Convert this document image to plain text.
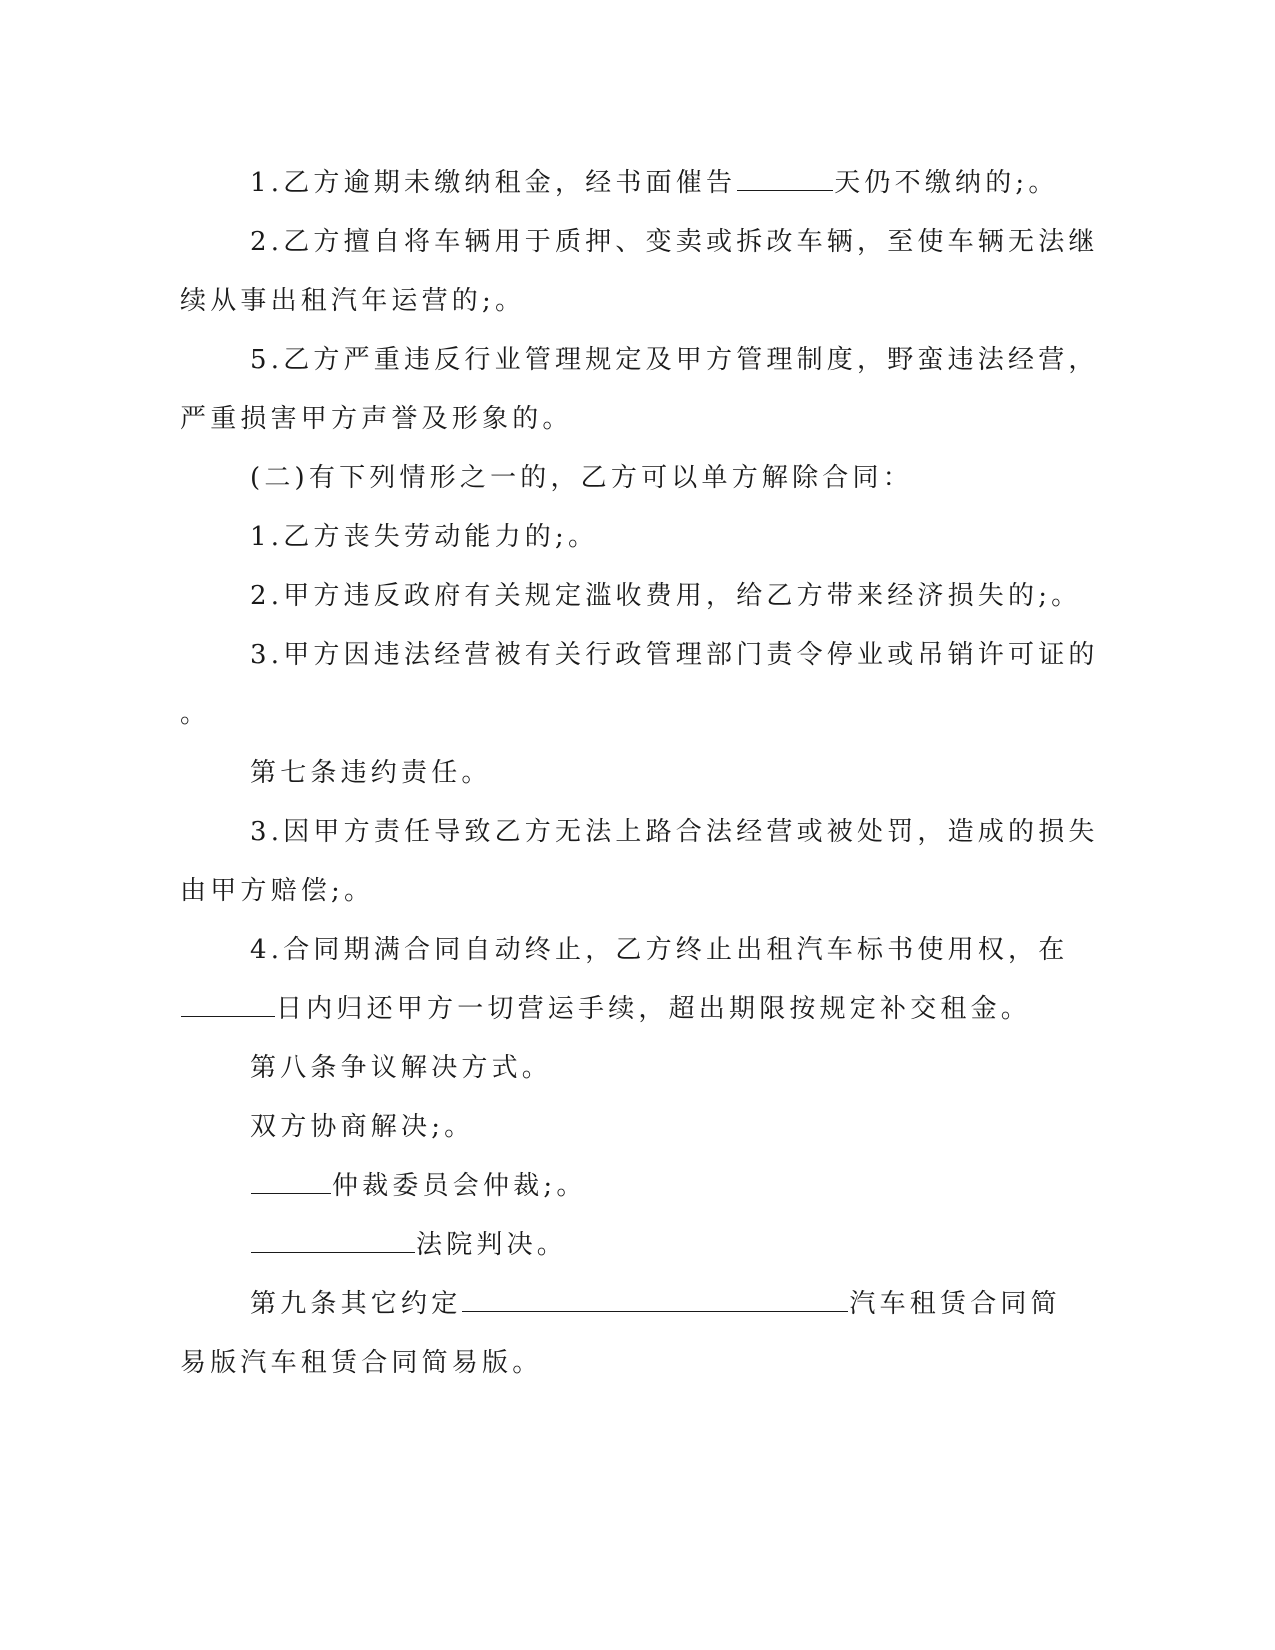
1.乙方逾期未缴纳租金，经书面催告	天仍不缴纳的;。
2.乙方擅自将车辆用于质押、变卖或拆改车辆，至使车辆无法继
续从事出租汽年运营的;。
5.乙方严重违反行业管理规定及甲方管理制度，野蛮违法经营，
严重损害甲方声誉及形象的。
(二)有下列情形之一的，乙方可以单方解除合同：
1.乙方丧失劳动能力的;。
2.甲方违反政府有关规定滥收费用，给乙方带来经济损失的;。
3.甲方因违法经营被有关行政管理部门责令停业或吊销许可证的
。
第七条违约责任。
3.因甲方责任导致乙方无法上路合法经营或被处罚，造成的损失
由甲方赔偿;。
4.合同期满合同自动终止，乙方终止出租汽车标书使用权，在
日内归还甲方一切营运手续，超出期限按规定补交租金。
第八条争议解决方式。
双方协商解决;。
仲裁委员会仲裁;。
法院判决。
第九条其它约定	汽车租赁合同简
易版汽车租赁合同简易版。
